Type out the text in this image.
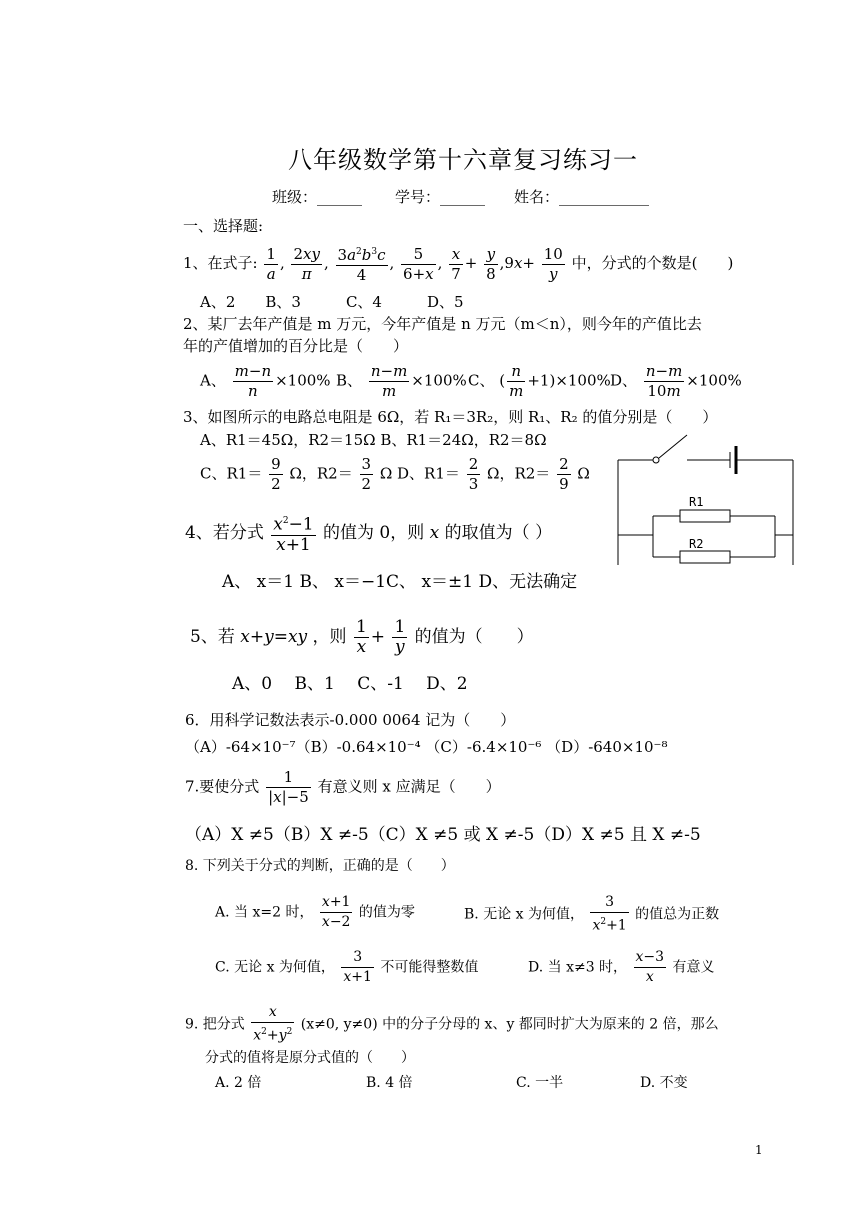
八年级数学第十六章复习练习一
班级：______ 学号：______ 姓名：____________
一、选择题:
1、在式子: $\frac{1}{a}$ , $\frac{2xy}{\pi}$ , $\frac{3a^2b^3c}{4}$ , $\frac{5}{6+x}$ , $\frac{x}{7} + \frac{y}{8} ,9x+ \frac{10}{y}$ 中，分式的个数是(　　)
A、2　　B、3　　　C、4　　　D、5
2、某厂去年产值是 m 万元，今年产值是 n 万元（m＜n），则今年的产值比去
年的产值增加的百分比是（　　）
A、 $\frac{m-n}{n} \times 100\%$ B、 $\frac{n-m}{m} \times 100\%$ C、 ( $\frac{n}{m} +1)\times 100\%$ D、 $\frac{n-m}{10m} \times 100\%$
3、如图所示的电路总电阻是 6Ω，若 R₁＝3R₂，则 R₁、R₂ 的值分别是（　　）
A、R1＝45Ω，R2＝15Ω B、R1＝24Ω，R2＝8Ω
C、$R1= \frac{9}{2}$ Ω，$R2= \frac{3}{2}$ Ω D、$R1= \frac{2}{3}$ Ω，$R2= \frac{2}{9}$ Ω
R1
R2
4、若分式 $\frac{x^2-1}{x+1}$ 的值为 0，则 x 的取值为（ ）
A、 x＝1 B、 x＝−1C、 x＝±1 D、无法确定
5、若 x+y=xy ，则 $\frac{1}{x} + \frac{1}{y}$ 的值为（　　）
A、0　 B、1　 C、-1　 D、2
6．用科学记数法表示-0.000 0064 记为（　　）
（A）-64×10⁻⁷（B）-0.64×10⁻⁴ （C）-6.4×10⁻⁶ （D）-640×10⁻⁸
7.要使分式 $\frac{1}{|x|-5}$ 有意义则 x 应满足（　　）
（A）X ≠5（B）X ≠-5（C）X ≠5 或 X ≠-5（D）X ≠5 且 X ≠-5
8. 下列关于分式的判断，正确的是（　　）
A. 当 x=2 时， $\frac{x+1}{x-2}$ 的值为零	B. 无论 x 为何值， $\frac{3}{x^2+1}$ 的值总为正数
C. 无论 x 为何值， $\frac{3}{x+1}$ 不可能得整数值	D. 当 x≠3 时， $\frac{x-3}{x}$ 有意义
9. 把分式 $\frac{x}{x^2+y^2} (x\ne 0$, y≠0) 中的分子分母的 x、y 都同时扩大为原来的 2 倍，那么
分式的值将是原分式值的（　　）
A. 2 倍	B. 4 倍	C. 一半	D. 不变
1
